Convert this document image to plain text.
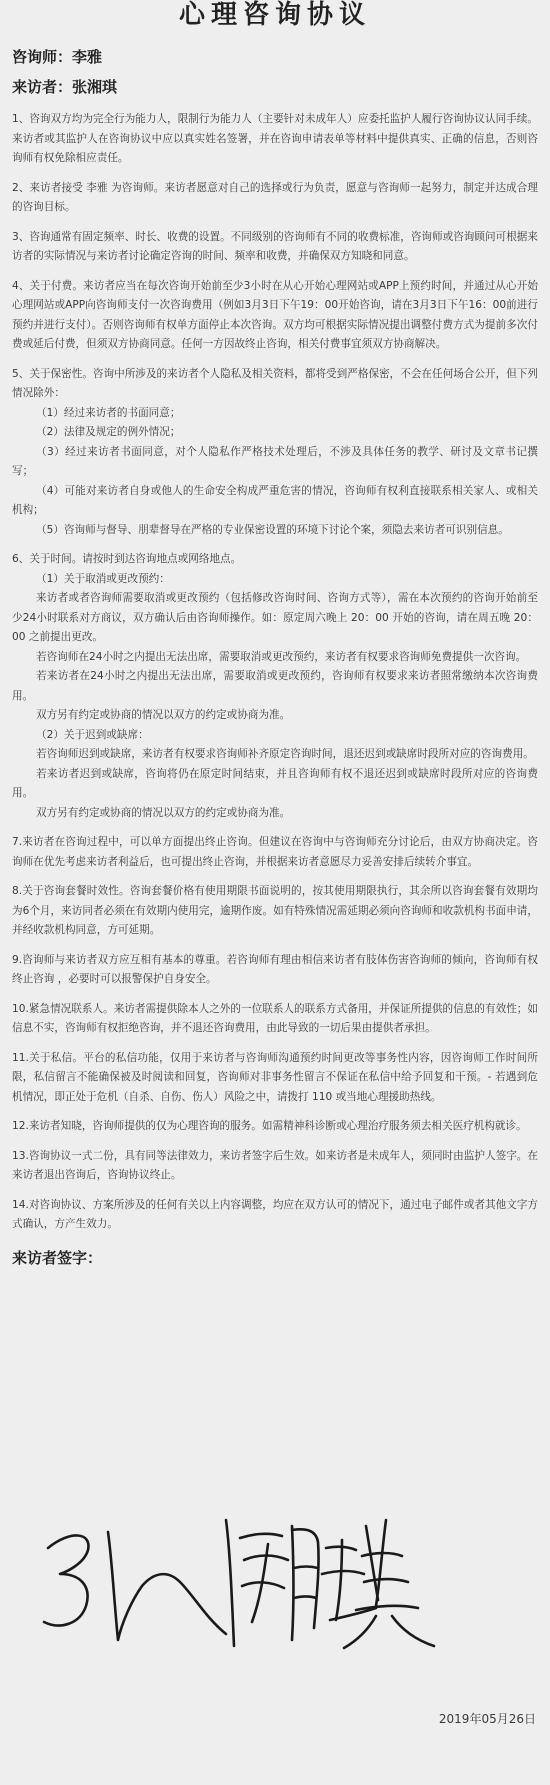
心理咨询协议

咨询师：李雅

来访者：张湘琪

1、咨询双方均为完全行为能力人，限制行为能力人（主要针对未成年人）应委托监护人履行咨询协议认同手续。来访者或其监护人在咨询协议中应以真实姓名签署，并在咨询申请表单等材料中提供真实、正确的信息，否则咨询师有权免除相应责任。

2、来访者接受 李雅 为咨询师。来访者愿意对自己的选择或行为负责，愿意与咨询师一起努力，制定并达成合理的咨询目标。

3、咨询通常有固定频率、时长、收费的设置。不同级别的咨询师有不同的收费标准，咨询师或咨询顾问可根据来访者的实际情况与来访者讨论确定咨询的时间、频率和收费，并确保双方知晓和同意。

4、关于付费。来访者应当在每次咨询开始前至少3小时在从心开始心理网站或APP上预约时间，并通过从心开始心理网站或APP向咨询师支付一次咨询费用（例如3月3日下午19：00开始咨询，请在3月3日下午16：00前进行预约并进行支付）。否则咨询师有权单方面停止本次咨询。双方均可根据实际情况提出调整付费方式为提前多次付费或延后付费，但须双方协商同意。任何一方因故终止咨询，相关付费事宜须双方协商解决。

5、关于保密性。咨询中所涉及的来访者个人隐私及相关资料，都将受到严格保密，不会在任何场合公开，但下列情况除外：

（1）经过来访者的书面同意；

（2）法律及规定的例外情况；

（3）经过来访者书面同意，对个人隐私作严格技术处理后，不涉及具体任务的教学、研讨及文章书记撰写；

（4）可能对来访者自身或他人的生命安全构成严重危害的情况，咨询师有权利直接联系相关家人、或相关机构；

（5）咨询师与督导、朋辈督导在严格的专业保密设置的环境下讨论个案，须隐去来访者可识别信息。

6、关于时间。请按时到达咨询地点或网络地点。

（1）关于取消或更改预约：

来访者或者咨询师需要取消或更改预约（包括修改咨询时间、咨询方式等），需在本次预约的咨询开始前至少24小时联系对方商议，双方确认后由咨询师操作。如：原定周六晚上 20：00 开始的咨询，请在周五晚 20：00 之前提出更改。

若咨询师在24小时之内提出无法出席，需要取消或更改预约，来访者有权要求咨询师免费提供一次咨询。

若来访者在24小时之内提出无法出席，需要取消或更改预约，咨询师有权要求来访者照常缴纳本次咨询费用。

双方另有约定或协商的情况以双方的约定或协商为准。

（2）关于迟到或缺席：

若咨询师迟到或缺席，来访者有权要求咨询师补齐原定咨询时间，退还迟到或缺席时段所对应的咨询费用。

若来访者迟到或缺席，咨询将仍在原定时间结束，并且咨询师有权不退还迟到或缺席时段所对应的咨询费用。

双方另有约定或协商的情况以双方的约定或协商为准。

7.来访者在咨询过程中，可以单方面提出终止咨询。但建议在咨询中与咨询师充分讨论后，由双方协商决定。咨询师在优先考虑来访者利益后，也可提出终止咨询，并根据来访者意愿尽力妥善安排后续转介事宜。

8.关于咨询套餐时效性。咨询套餐价格有使用期限书面说明的，按其使用期限执行，其余所以咨询套餐有效期均为6个月，来访同者必须在有效期内使用完，逾期作废。如有特殊情况需延期必须向咨询师和收款机构书面申请，并经收款机构同意，方可延期。

9.咨询师与来访者双方应互相有基本的尊重。若咨询师有理由相信来访者有肢体伤害咨询师的倾向，咨询师有权终止咨询 ，必要时可以报警保护自身安全。

10.紧急情况联系人。来访者需提供除本人之外的一位联系人的联系方式备用，并保证所提供的信息的有效性；如信息不实，咨询师有权拒绝咨询，并不退还咨询费用，由此导致的一切后果由提供者承担。

11.关于私信。平台的私信功能，仅用于来访者与咨询师沟通预约时间更改等事务性内容，因咨询师工作时间所限，私信留言不能确保被及时阅读和回复，咨询师对非事务性留言不保证在私信中给予回复和干预。- 若遇到危机情况，即正处于危机（自杀、自伤、伤人）风险之中，请拨打 110 或当地心理援助热线。

12.来访者知晓，咨询师提供的仅为心理咨询的服务。如需精神科诊断或心理治疗服务须去相关医疗机构就诊。

13.咨询协议一式二份，具有同等法律效力，来访者签字后生效。如来访者是未成年人，须同时由监护人签字。在来访者退出咨询后，咨询协议终止。

14.对咨询协议、方案所涉及的任何有关以上内容调整，均应在双方认可的情况下，通过电子邮件或者其他文字方式确认，方产生效力。

来访者签字：

2019年05月26日
